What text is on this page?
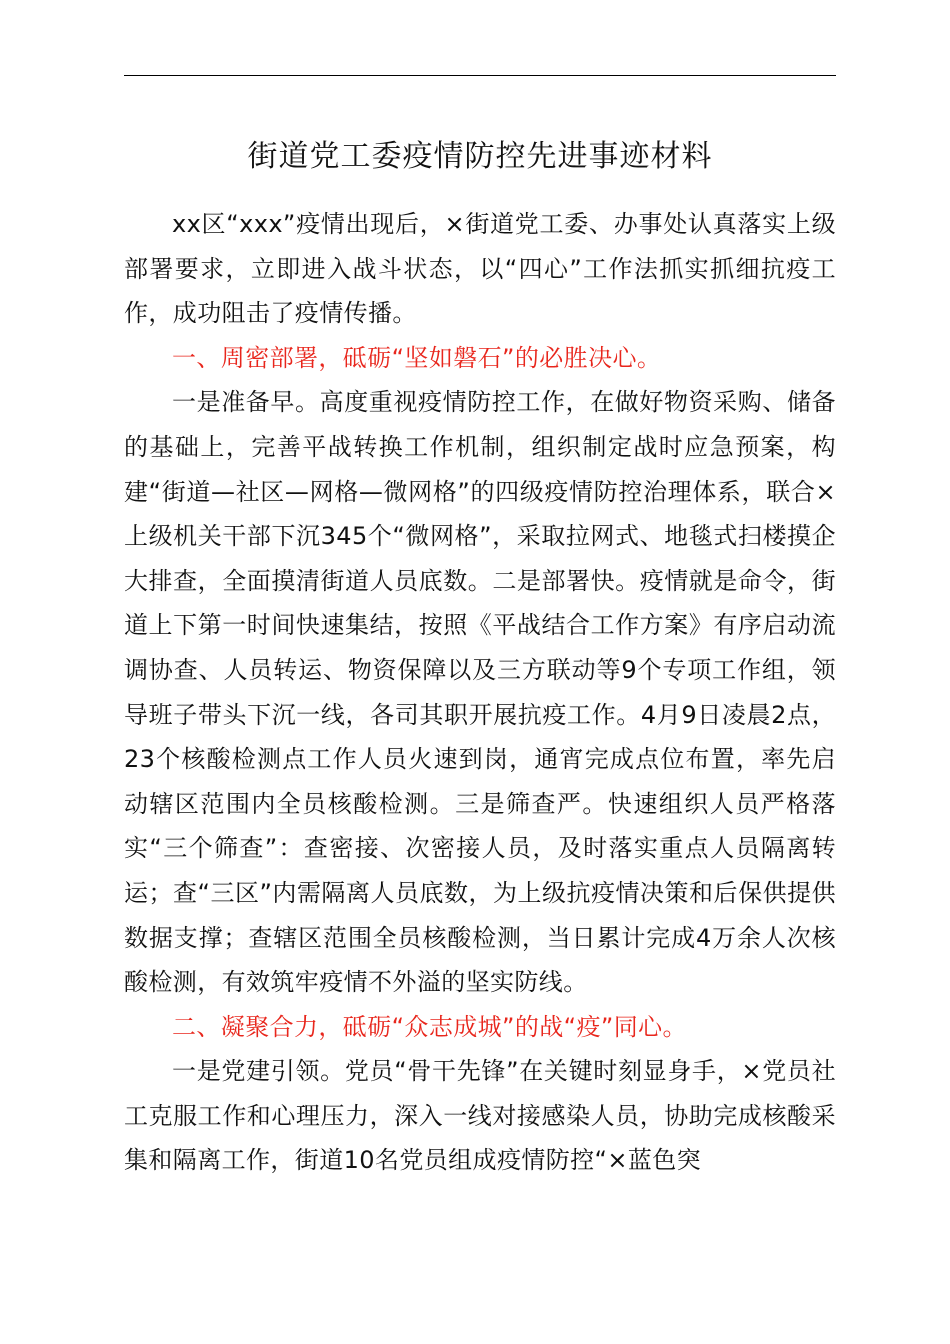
街道党工委疫情防控先进事迹材料

xx区“xxx”疫情出现后，×街道党工委、办事处认真落实上级部署要求，立即进入战斗状态，以“四心”工作法抓实抓细抗疫工作，成功阻击了疫情传播。

一、周密部署，砥砺“坚如磐石”的必胜决心。

一是准备早。高度重视疫情防控工作，在做好物资采购、储备的基础上，完善平战转换工作机制，组织制定战时应急预案，构建“街道—社区—网格—微网格”的四级疫情防控治理体系，联合×上级机关干部下沉345个“微网格”，采取拉网式、地毯式扫楼摸企大排查，全面摸清街道人员底数。二是部署快。疫情就是命令，街道上下第一时间快速集结，按照《平战结合工作方案》有序启动流调协查、人员转运、物资保障以及三方联动等9个专项工作组，领导班子带头下沉一线，各司其职开展抗疫工作。4月9日凌晨2点，23个核酸检测点工作人员火速到岗，通宵完成点位布置，率先启动辖区范围内全员核酸检测。三是筛查严。快速组织人员严格落实“三个筛查”：查密接、次密接人员，及时落实重点人员隔离转运；查“三区”内需隔离人员底数，为上级抗疫情决策和后保供提供数据支撑；查辖区范围全员核酸检测，当日累计完成4万余人次核酸检测，有效筑牢疫情不外溢的坚实防线。

二、凝聚合力，砥砺“众志成城”的战“疫”同心。

一是党建引领。党员“骨干先锋”在关键时刻显身手，×党员社工克服工作和心理压力，深入一线对接感染人员，协助完成核酸采集和隔离工作，街道10名党员组成疫情防控“×蓝色突
